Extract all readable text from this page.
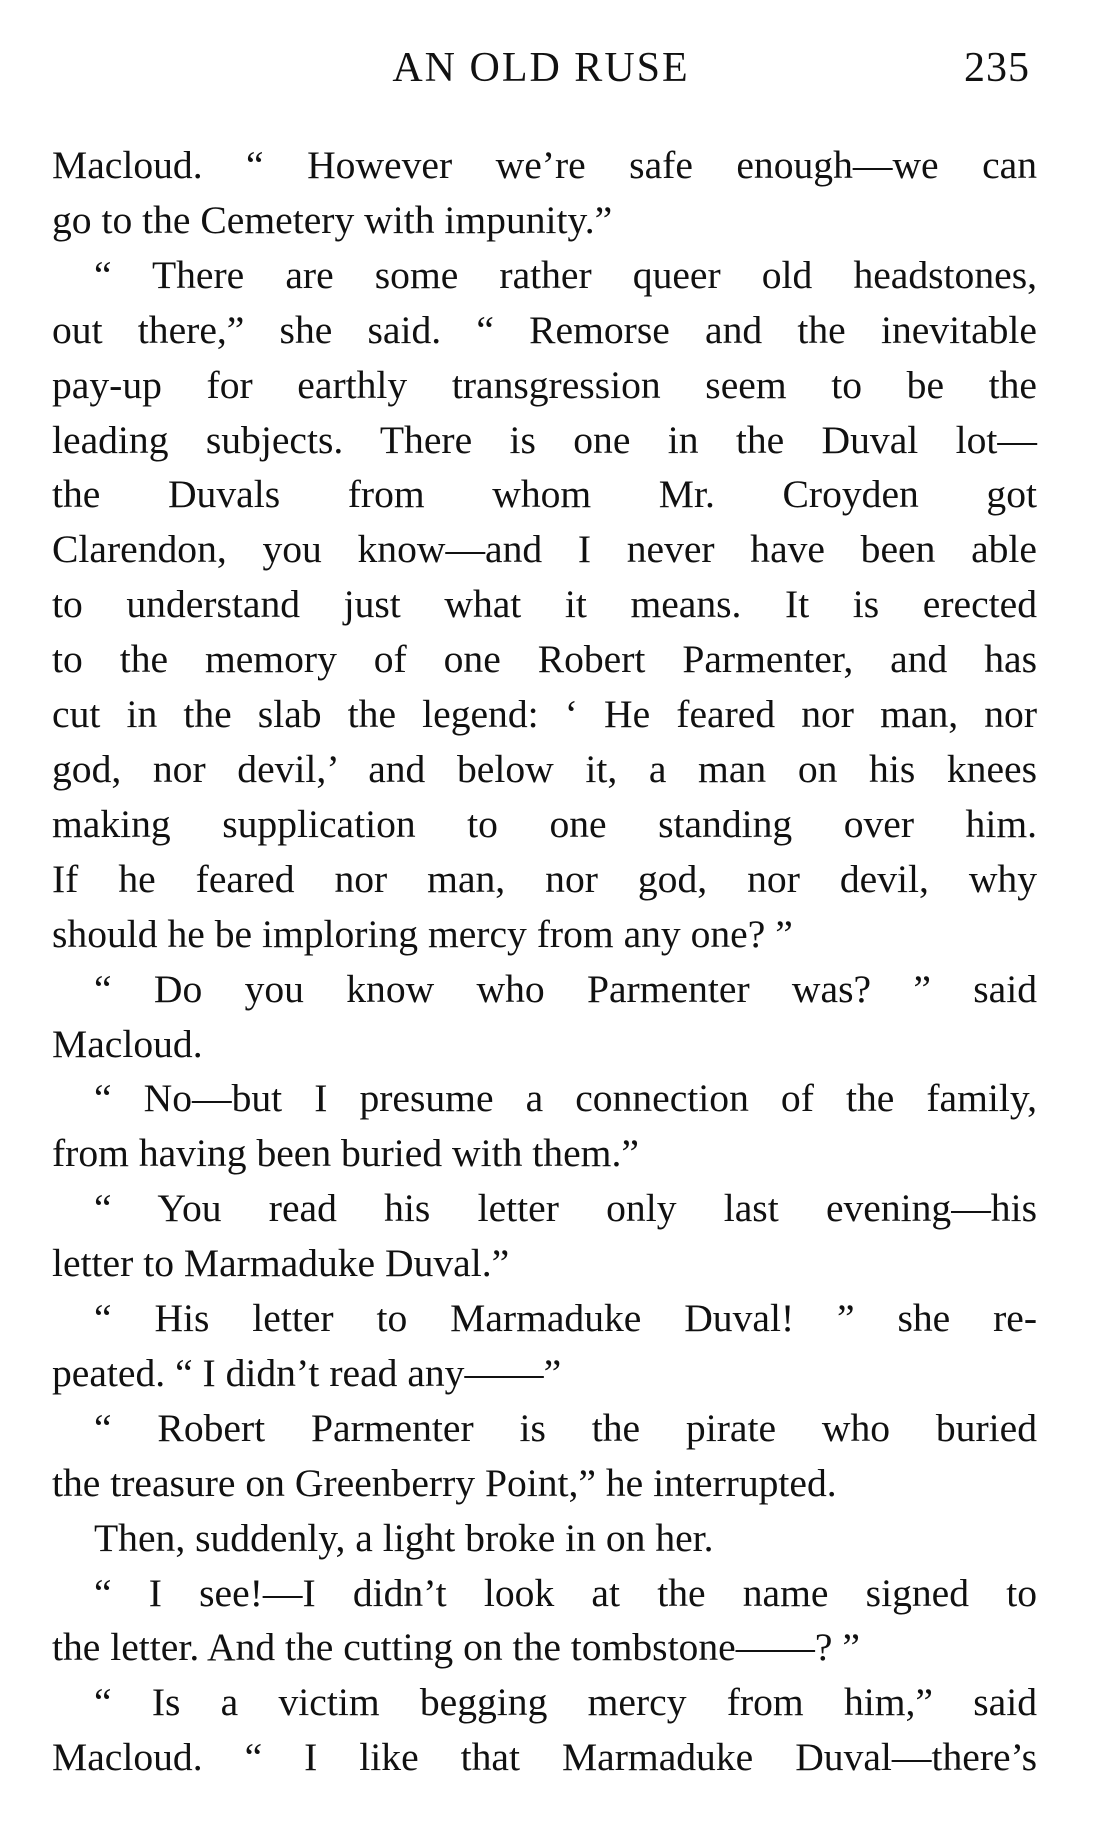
AN OLD RUSE	235

Macloud. “ However we’re safe enough—we can
go to the Cemetery with impunity.”
“ There are some rather queer old headstones,
out there,” she said. “ Remorse and the inevitable
pay-up for earthly transgression seem to be the
leading subjects. There is one in the Duval lot—
the Duvals from whom Mr. Croyden got
Clarendon, you know—and I never have been able
to understand just what it means. It is erected
to the memory of one Robert Parmenter, and has
cut in the slab the legend: ‘ He feared nor man, nor
god, nor devil,’ and below it, a man on his knees
making supplication to one standing over him.
If he feared nor man, nor god, nor devil, why
should he be imploring mercy from any one? ”
“ Do you know who Parmenter was? ” said
Macloud.
“ No—but I presume a connection of the family,
from having been buried with them.”
“ You read his letter only last evening—his
letter to Marmaduke Duval.”
“ His letter to Marmaduke Duval! ” she re-
peated. “ I didn’t read any——”
“ Robert Parmenter is the pirate who buried
the treasure on Greenberry Point,” he interrupted.
Then, suddenly, a light broke in on her.
“ I see!—I didn’t look at the name signed to
the letter. And the cutting on the tombstone——? ”
“ Is a victim begging mercy from him,” said
Macloud. “ I like that Marmaduke Duval—there’s
